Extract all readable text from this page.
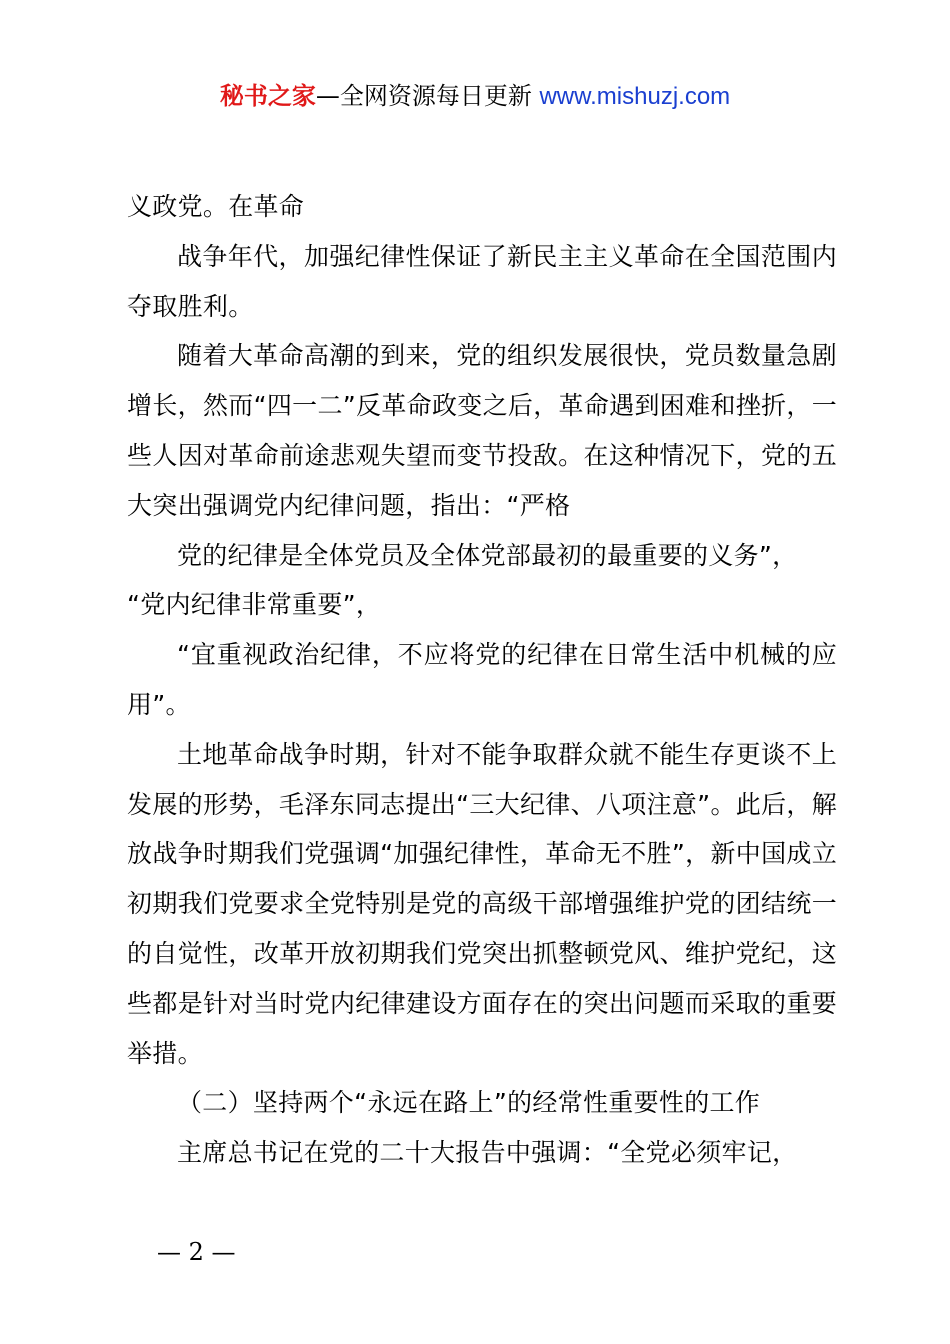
秘书之家—全网资源每日更新 www.mishuzj.com

义政党。在革命

战争年代，加强纪律性保证了新民主主义革命在全国范围内夺取胜利。

随着大革命高潮的到来，党的组织发展很快，党员数量急剧增长，然而“四一二”反革命政变之后，革命遇到困难和挫折，一些人因对革命前途悲观失望而变节投敌。在这种情况下，党的五大突出强调党内纪律问题，指出：“严格

党的纪律是全体党员及全体党部最初的最重要的义务”，

“党内纪律非常重要”，

“宜重视政治纪律，不应将党的纪律在日常生活中机械的应用”。

土地革命战争时期，针对不能争取群众就不能生存更谈不上发展的形势，毛泽东同志提出“三大纪律、八项注意”。此后，解放战争时期我们党强调“加强纪律性，革命无不胜”，新中国成立初期我们党要求全党特别是党的高级干部增强维护党的团结统一的自觉性，改革开放初期我们党突出抓整顿党风、维护党纪，这些都是针对当时党内纪律建设方面存在的突出问题而采取的重要举措。

（二）坚持两个“永远在路上”的经常性重要性的工作

主席总书记在党的二十大报告中强调：“全党必须牢记，

— 2 —
